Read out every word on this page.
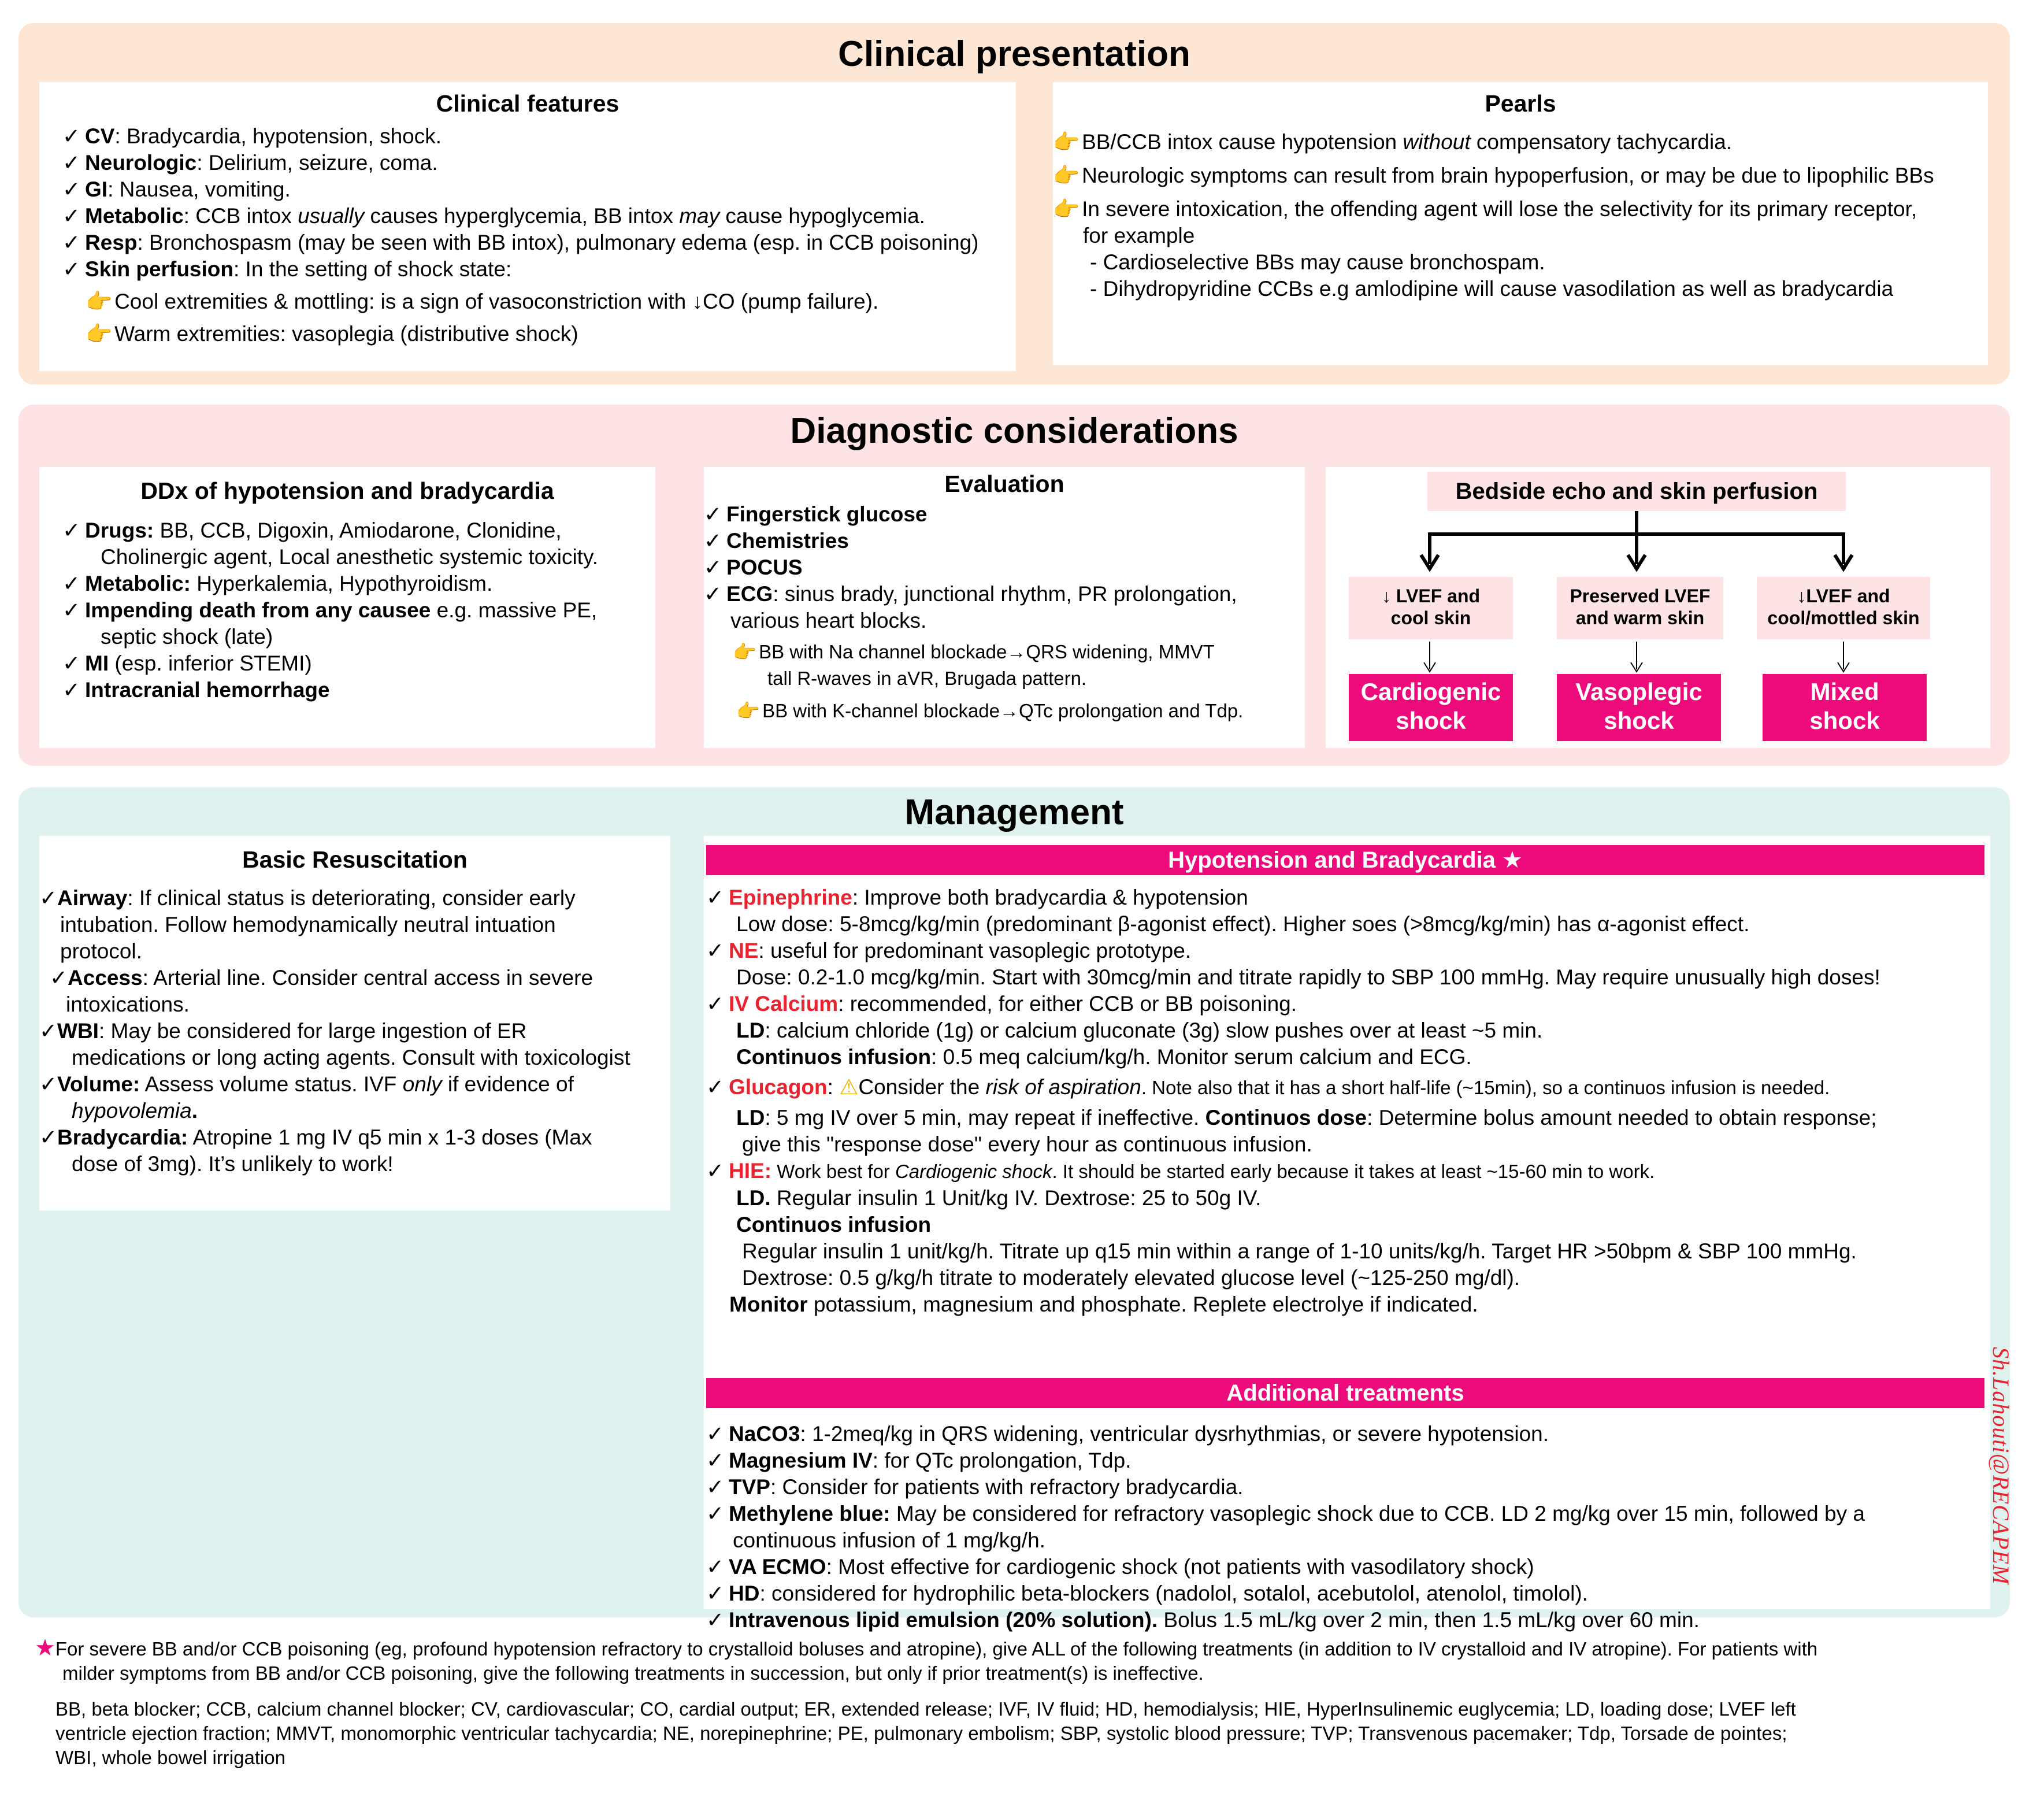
Clinical presentation
Clinical features
✓ CV: Bradycardia, hypotension, shock.
✓ Neurologic: Delirium, seizure, coma.
✓ GI: Nausea, vomiting.
✓ Metabolic: CCB intox usually causes hyperglycemia, BB intox may cause hypoglycemia.
✓ Resp: Bronchospasm (may be seen with BB intox), pulmonary edema (esp. in CCB poisoning)
✓ Skin perfusion: In the setting of shock state:
👉 Cool extremities & mottling: is a sign of vasoconstriction with ↓CO (pump failure).
👉 Warm extremities: vasoplegia (distributive shock)
Pearls
👉 BB/CCB intox cause hypotension without compensatory tachycardia.
👉 Neurologic symptoms can result from brain hypoperfusion, or may be due to lipophilic BBs
👉 In severe intoxication, the offending agent will lose the selectivity for its primary receptor,
for example
- Cardioselective BBs may cause bronchospam.
- Dihydropyridine CCBs e.g amlodipine will cause vasodilation as well as bradycardia
Diagnostic considerations
DDx of hypotension and bradycardia
✓ Drugs: BB, CCB, Digoxin, Amiodarone, Clonidine,
Cholinergic agent, Local anesthetic systemic toxicity.
✓ Metabolic: Hyperkalemia, Hypothyroidism.
✓ Impending death from any causee e.g. massive PE,
septic shock (late)
✓ MI (esp. inferior STEMI)
✓ Intracranial hemorrhage
Evaluation
✓ Fingerstick glucose
✓ Chemistries
✓ POCUS
✓ ECG: sinus brady, junctional rhythm, PR prolongation,
various heart blocks.
👉 BB with Na channel blockade→QRS widening, MMVT
tall R-waves in aVR, Brugada pattern.
👉 BB with K-channel blockade→QTc prolongation and Tdp.
Bedside echo and skin perfusion
↓ LVEF and
cool skin
Preserved LVEF
and warm skin
↓LVEF and
cool/mottled skin
Cardiogenic
shock
Vasoplegic
shock
Mixed
shock
Management
Basic Resuscitation
✓Airway: If clinical status is deteriorating, consider early
intubation. Follow hemodynamically neutral intuation
protocol.
✓Access: Arterial line. Consider central access in severe
intoxications.
✓WBI: May be considered for large ingestion of ER
medications or long acting agents. Consult with toxicologist
✓Volume: Assess volume status. IVF only if evidence of
hypovolemia.
✓Bradycardia: Atropine 1 mg IV q5 min x 1-3 doses (Max
dose of 3mg). It’s unlikely to work!
Hypotension and Bradycardia ★
✓ Epinephrine: Improve both bradycardia & hypotension
Low dose: 5-8mcg/kg/min (predominant β-agonist effect). Higher soes (>8mcg/kg/min) has α-agonist effect.
✓ NE: useful for predominant vasoplegic prototype.
Dose: 0.2-1.0 mcg/kg/min. Start with 30mcg/min and titrate rapidly to SBP 100 mmHg. May require unusually high doses!
✓ IV Calcium: recommended, for either CCB or BB poisoning.
LD: calcium chloride (1g) or calcium gluconate (3g) slow pushes over at least ~5 min.
Continuos infusion: 0.5 meq calcium/kg/h. Monitor serum calcium and ECG.
✓ Glucagon: ⚠Consider the risk of aspiration. Note also that it has a short half-life (~15min), so a continuos infusion is needed.
LD: 5 mg IV over 5 min, may repeat if ineffective. Continuos dose: Determine bolus amount needed to obtain response;
give this "response dose" every hour as continuous infusion.
✓ HIE: Work best for Cardiogenic shock. It should be started early because it takes at least ~15-60 min to work.
LD. Regular insulin 1 Unit/kg IV. Dextrose: 25 to 50g IV.
Continuos infusion
Regular insulin 1 unit/kg/h. Titrate up q15 min within a range of 1-10 units/kg/h. Target HR >50bpm & SBP 100 mmHg.
Dextrose: 0.5 g/kg/h titrate to moderately elevated glucose level (~125-250 mg/dl).
Monitor potassium, magnesium and phosphate. Replete electrolye if indicated.
Additional treatments
✓ NaCO3: 1-2meq/kg in QRS widening, ventricular dysrhythmias, or severe hypotension.
✓ Magnesium IV: for QTc prolongation, Tdp.
✓ TVP: Consider for patients with refractory bradycardia.
✓ Methylene blue: May be considered for refractory vasoplegic shock due to CCB. LD 2 mg/kg over 15 min, followed by a
continuous infusion of 1 mg/kg/h.
✓ VA ECMO: Most effective for cardiogenic shock (not patients with vasodilatory shock)
✓ HD: considered for hydrophilic beta-blockers (nadolol, sotalol, acebutolol, atenolol, timolol).
✓ Intravenous lipid emulsion (20% solution). Bolus 1.5 mL/kg over 2 min, then 1.5 mL/kg over 60 min.
Sh.Lahouti@RECAPEM
★For severe BB and/or CCB poisoning (eg, profound hypotension refractory to crystalloid boluses and atropine), give ALL of the following treatments (in addition to IV crystalloid and IV atropine). For patients with
milder symptoms from BB and/or CCB poisoning, give the following treatments in succession, but only if prior treatment(s) is ineffective.
BB, beta blocker; CCB, calcium channel blocker; CV, cardiovascular; CO, cardial output; ER, extended release; IVF, IV fluid; HD, hemodialysis; HIE, HyperInsulinemic euglycemia; LD, loading dose; LVEF left
ventricle ejection fraction; MMVT, monomorphic ventricular tachycardia; NE, norepinephrine; PE, pulmonary embolism; SBP, systolic blood pressure; TVP; Transvenous pacemaker; Tdp, Torsade de pointes;
WBI, whole bowel irrigation
